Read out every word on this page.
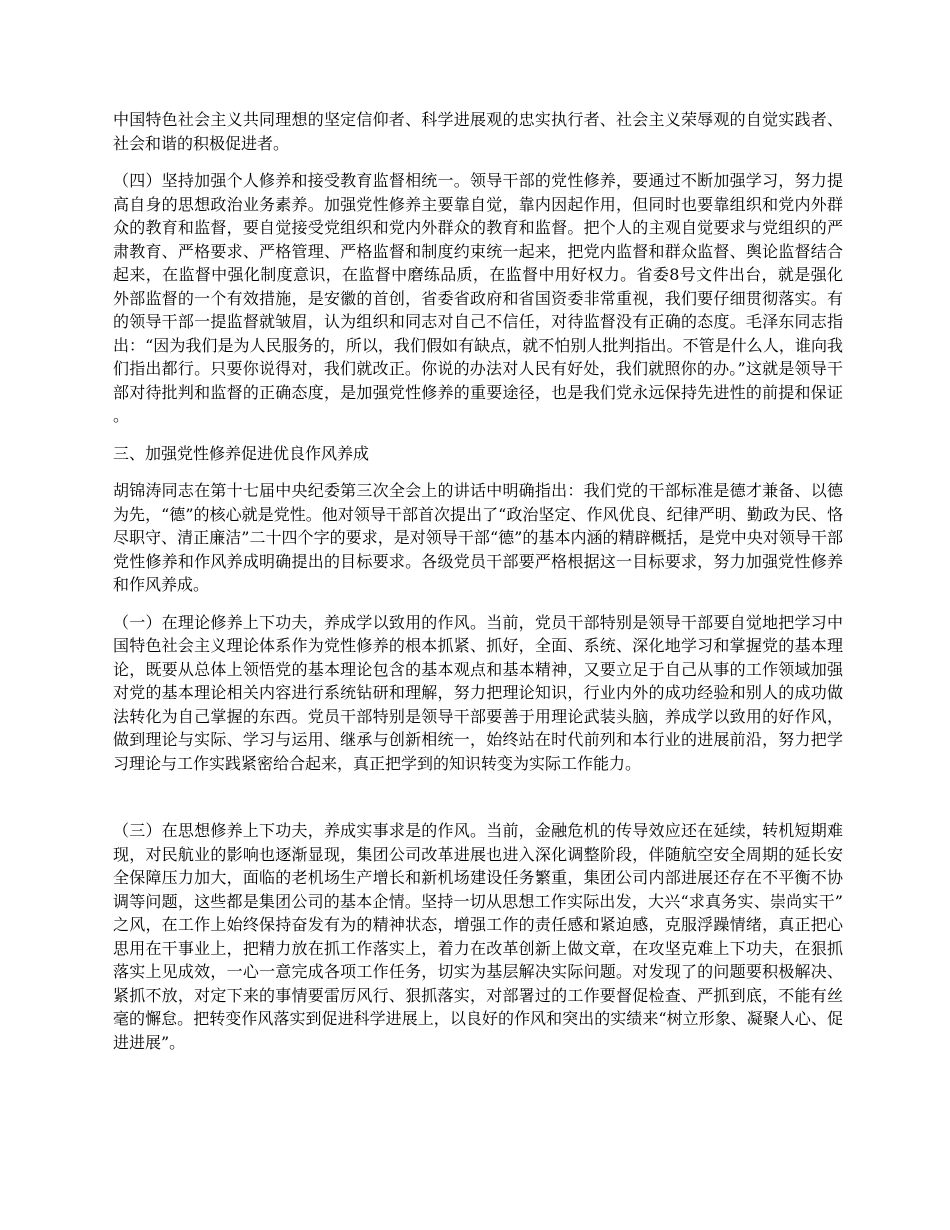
中国特色社会主义共同理想的坚定信仰者、科学进展观的忠实执行者、社会主义荣辱观的自觉实践者、社会和谐的积极促进者。

（四）坚持加强个人修养和接受教育监督相统一。领导干部的党性修养，要通过不断加强学习，努力提高自身的思想政治业务素养。加强党性修养主要靠自觉，靠内因起作用，但同时也要靠组织和党内外群众的教育和监督，要自觉接受党组织和党内外群众的教育和监督。把个人的主观自觉要求与党组织的严肃教育、严格要求、严格管理、严格监督和制度约束统一起来，把党内监督和群众监督、舆论监督结合起来，在监督中强化制度意识，在监督中磨练品质，在监督中用好权力。省委8号文件出台，就是强化外部监督的一个有效措施，是安徽的首创，省委省政府和省国资委非常重视，我们要仔细贯彻落实。有的领导干部一提监督就皱眉，认为组织和同志对自己不信任，对待监督没有正确的态度。毛泽东同志指出：“因为我们是为人民服务的，所以，我们假如有缺点，就不怕别人批判指出。不管是什么人，谁向我们指出都行。只要你说得对，我们就改正。你说的办法对人民有好处，我们就照你的办。”这就是领导干部对待批判和监督的正确态度，是加强党性修养的重要途径，也是我们党永远保持先进性的前提和保证。

三、加强党性修养促进优良作风养成

胡锦涛同志在第十七届中央纪委第三次全会上的讲话中明确指出：我们党的干部标准是德才兼备、以德为先，“德”的核心就是党性。他对领导干部首次提出了“政治坚定、作风优良、纪律严明、勤政为民、恪尽职守、清正廉洁”二十四个字的要求，是对领导干部“德”的基本内涵的精辟概括，是党中央对领导干部党性修养和作风养成明确提出的目标要求。各级党员干部要严格根据这一目标要求，努力加强党性修养和作风养成。

（一）在理论修养上下功夫，养成学以致用的作风。当前，党员干部特别是领导干部要自觉地把学习中国特色社会主义理论体系作为党性修养的根本抓紧、抓好，全面、系统、深化地学习和掌握党的基本理论，既要从总体上领悟党的基本理论包含的基本观点和基本精神，又要立足于自己从事的工作领域加强对党的基本理论相关内容进行系统钻研和理解，努力把理论知识，行业内外的成功经验和别人的成功做法转化为自己掌握的东西。党员干部特别是领导干部要善于用理论武装头脑，养成学以致用的好作风，做到理论与实际、学习与运用、继承与创新相统一，始终站在时代前列和本行业的进展前沿，努力把学习理论与工作实践紧密给合起来，真正把学到的知识转变为实际工作能力。

（三）在思想修养上下功夫，养成实事求是的作风。当前，金融危机的传导效应还在延续，转机短期难现，对民航业的影响也逐渐显现，集团公司改革进展也进入深化调整阶段，伴随航空安全周期的延长安全保障压力加大，面临的老机场生产增长和新机场建设任务繁重，集团公司内部进展还存在不平衡不协调等问题，这些都是集团公司的基本企情。坚持一切从思想工作实际出发，大兴“求真务实、崇尚实干”之风，在工作上始终保持奋发有为的精神状态，增强工作的责任感和紧迫感，克服浮躁情绪，真正把心思用在干事业上，把精力放在抓工作落实上，着力在改革创新上做文章，在攻坚克难上下功夫，在狠抓落实上见成效，一心一意完成各项工作任务，切实为基层解决实际问题。对发现了的问题要积极解决、紧抓不放，对定下来的事情要雷厉风行、狠抓落实，对部署过的工作要督促检查、严抓到底，不能有丝毫的懈怠。把转变作风落实到促进科学进展上，以良好的作风和突出的实绩来“树立形象、凝聚人心、促进进展”。
